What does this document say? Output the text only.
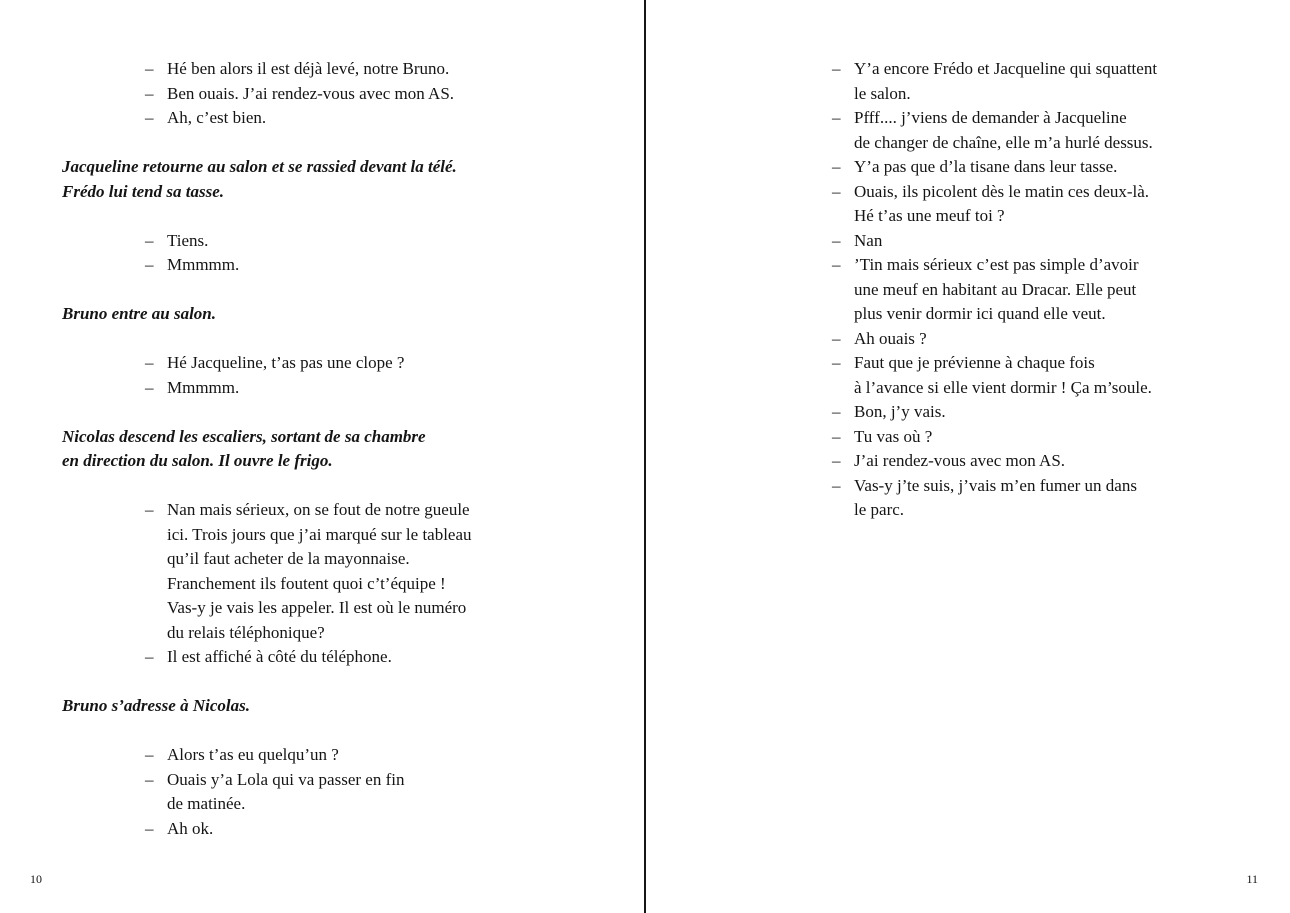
– Hé ben alors il est déjà levé, notre Bruno.
– Ben ouais. J’ai rendez-vous avec mon AS.
– Ah, c’est bien.
Jacqueline retourne au salon et se rassied devant la télé.
Frédo lui tend sa tasse.
– Tiens.
– Mmmmm.
Bruno entre au salon.
– Hé Jacqueline, t’as pas une clope ?
– Mmmmm.
Nicolas descend les escaliers, sortant de sa chambre
en direction du salon. Il ouvre le frigo.
– Nan mais sérieux, on se fout de notre gueule
ici. Trois jours que j’ai marqué sur le tableau
qu’il faut acheter de la mayonnaise.
Franchement ils foutent quoi c’t’équipe !
Vas-y je vais les appeler. Il est où le numéro
du relais téléphonique?
– Il est affiché à côté du téléphone.
Bruno s’adresse à Nicolas.
– Alors t’as eu quelqu’un ?
– Ouais y’a Lola qui va passer en fin
de matinée.
– Ah ok.
10
– Y’a encore Frédo et Jacqueline qui squattent
le salon.
– Pfff.... j’viens de demander à Jacqueline
de changer de chaîne, elle m’a hurlé dessus.
– Y’a pas que d’la tisane dans leur tasse.
– Ouais, ils picolent dès le matin ces deux-là.
Hé t’as une meuf toi ?
– Nan
– ’Tin mais sérieux c’est pas simple d’avoir
une meuf en habitant au Dracar. Elle peut
plus venir dormir ici quand elle veut.
– Ah ouais ?
– Faut que je prévienne à chaque fois
à l’avance si elle vient dormir ! Ça m’soule.
– Bon, j’y vais.
– Tu vas où ?
– J’ai rendez-vous avec mon AS.
– Vas-y j’te suis, j’vais m’en fumer un dans
le parc.
11
